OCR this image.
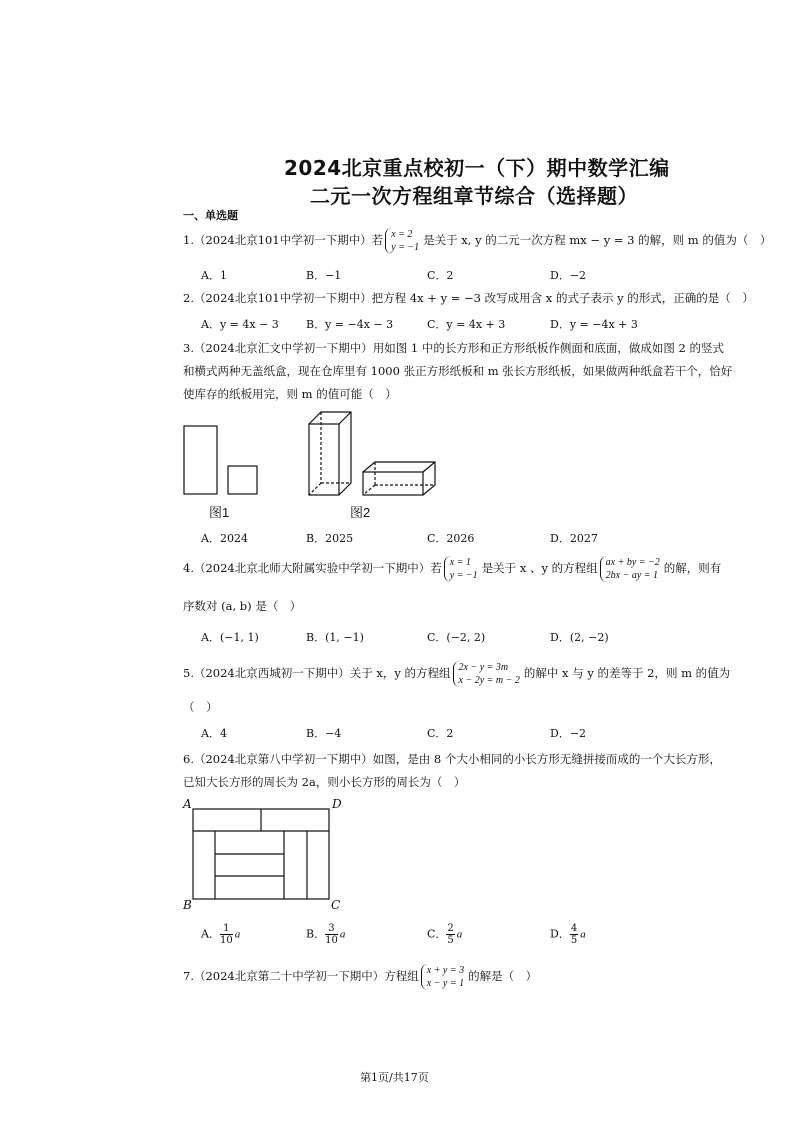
2024北京重点校初一（下）期中数学汇编
二元一次方程组章节综合（选择题）
一、单选题
1.（2024北京101中学初一下期中）若 x = 2
y = −1
是关于 x, y 的二元一次方程 mx − y = 3 的解，则 m 的值为（　）
A．1	B．−1	C．2	D．−2
2.（2024北京101中学初一下期中）把方程 4x + y = −3 改写成用含 x 的式子表示 y 的形式，正确的是（　）
A．y = 4x − 3 B．y = −4x − 3	C．y = 4x + 3	D．y = −4x + 3
3.（2024北京汇文中学初一下期中）用如图 1 中的长方形和正方形纸板作侧面和底面，做成如图 2 的竖式
和横式两种无盖纸盒，现在仓库里有 1000 张正方形纸板和 m 张长方形纸板，如果做两种纸盒若干个，恰好
使库存的纸板用完，则 m 的值可能（　）
图1	图2
A．2024	B．2025	C．2026	D．2027
4.（2024北京北师大附属实验中学初一下期中）若 x = 1
y = −1
是关于 x 、y 的方程组 ax + by = −2
2bx − ay = 1
的解，则有
序数对 (a, b) 是（　）
A．(−1, 1)	B．(1, −1)	C．(−2, 2)	D．(2, −2)
5.（2024北京西城初一下期中）关于 x，y 的方程组 2x − y = 3m
x − 2y = m − 2
的解中 x 与 y 的差等于 2，则 m 的值为
（　）
A．4	B．−4	C．2	D．−2
6.（2024北京第八中学初一下期中）如图，是由 8 个大小相同的小长方形无缝拼接而成的一个大长方形，
已知大长方形的周长为 2a，则小长方形的周长为（　）
A	D
B	C
A． $\frac{1}{10}$ a	B． $\frac{3}{10}$ a	C． $\frac{2}{5}$ a	D． $\frac{4}{5}$ a
7.（2024北京第二十中学初一下期中）方程组 x + y = 3
x − y = 1
的解是（　）
第1页/共17页
